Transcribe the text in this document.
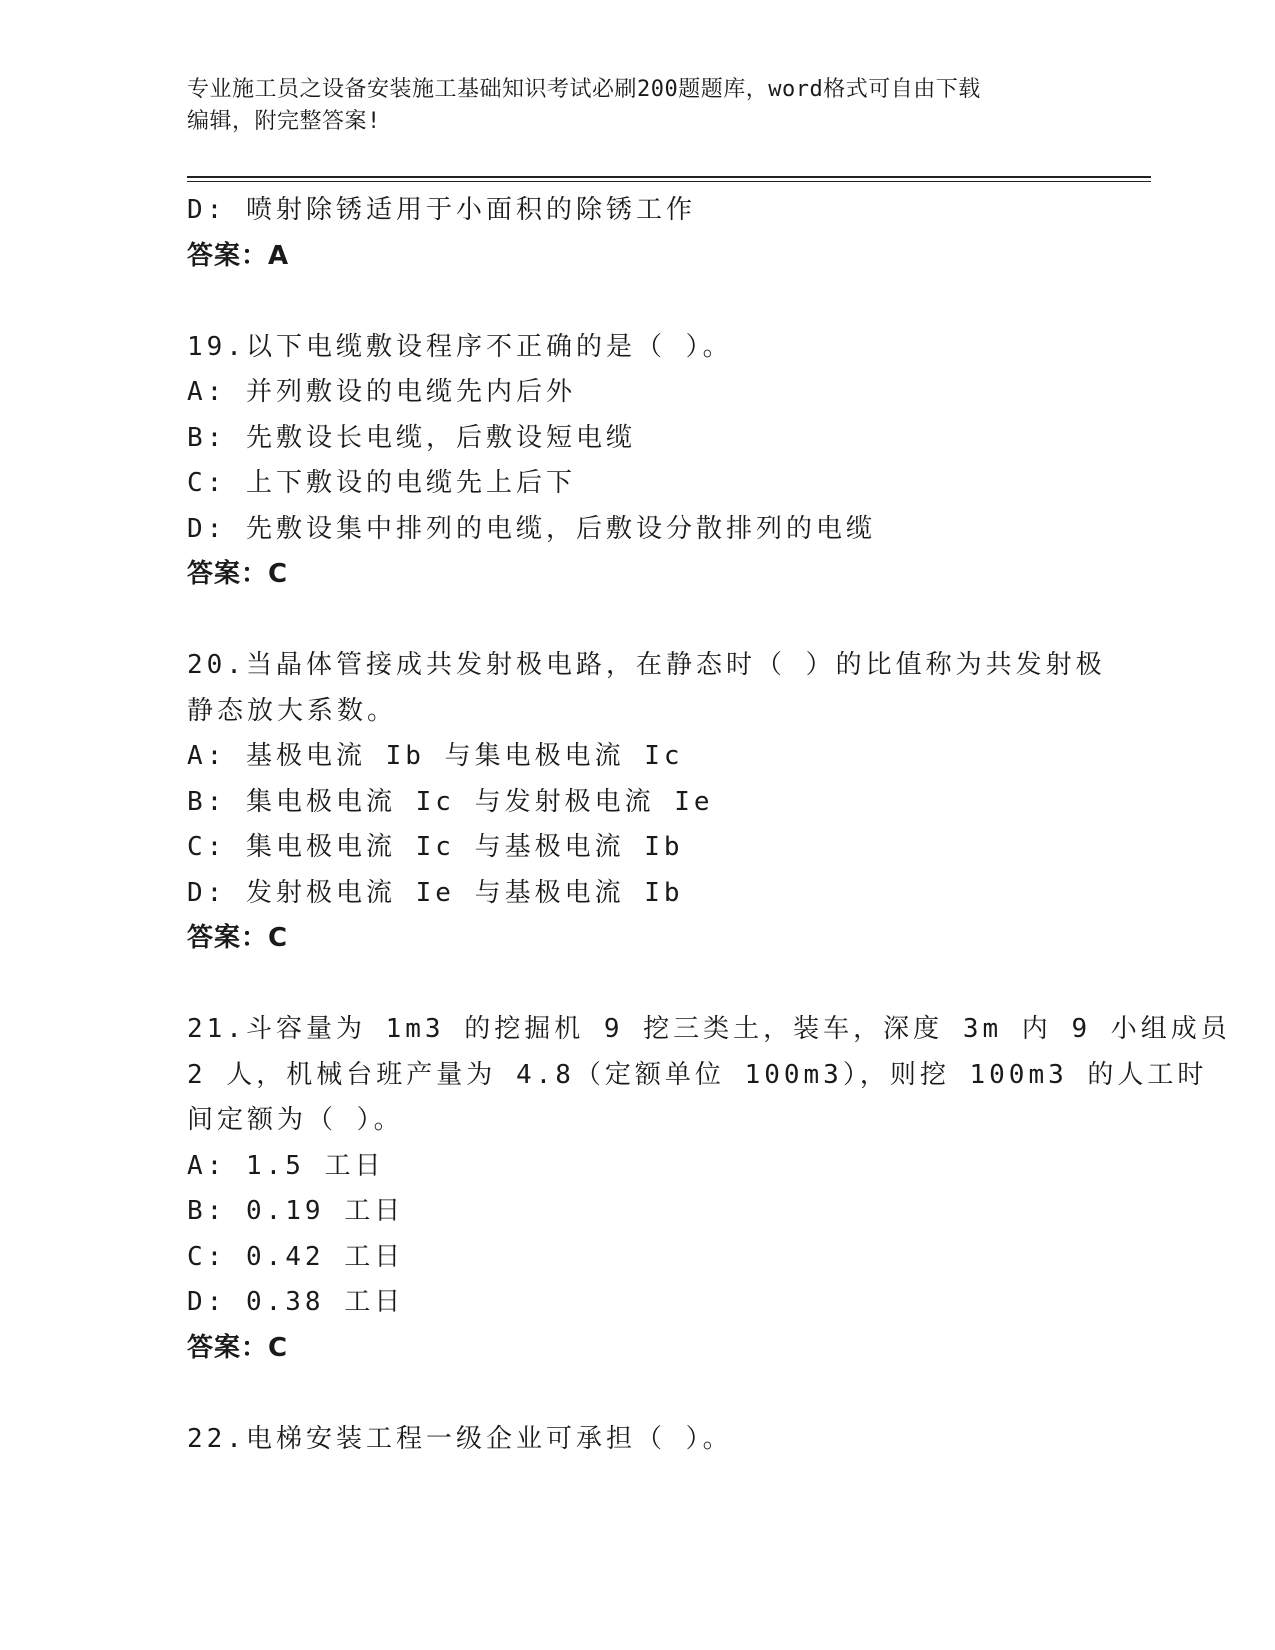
专业施工员之设备安装施工基础知识考试必刷200题题库，word格式可自由下载
编辑，附完整答案!
D: 喷射除锈适用于小面积的除锈工作
答案：A
19.以下电缆敷设程序不正确的是（ ）。
A: 并列敷设的电缆先内后外
B: 先敷设长电缆，后敷设短电缆
C: 上下敷设的电缆先上后下
D: 先敷设集中排列的电缆，后敷设分散排列的电缆
答案：C
20.当晶体管接成共发射极电路，在静态时（ ）的比值称为共发射极
静态放大系数。
A: 基极电流 Ib 与集电极电流 Ic
B: 集电极电流 Ic 与发射极电流 Ie
C: 集电极电流 Ic 与基极电流 Ib
D: 发射极电流 Ie 与基极电流 Ib
答案：C
21.斗容量为 1m3 的挖掘机 9 挖三类土，装车，深度 3m 内 9 小组成员
2 人，机械台班产量为 4.8（定额单位 100m3），则挖 100m3 的人工时
间定额为（ ）。
A: 1.5 工日
B: 0.19 工日
C: 0.42 工日
D: 0.38 工日
答案：C
22.电梯安装工程一级企业可承担（ ）。
